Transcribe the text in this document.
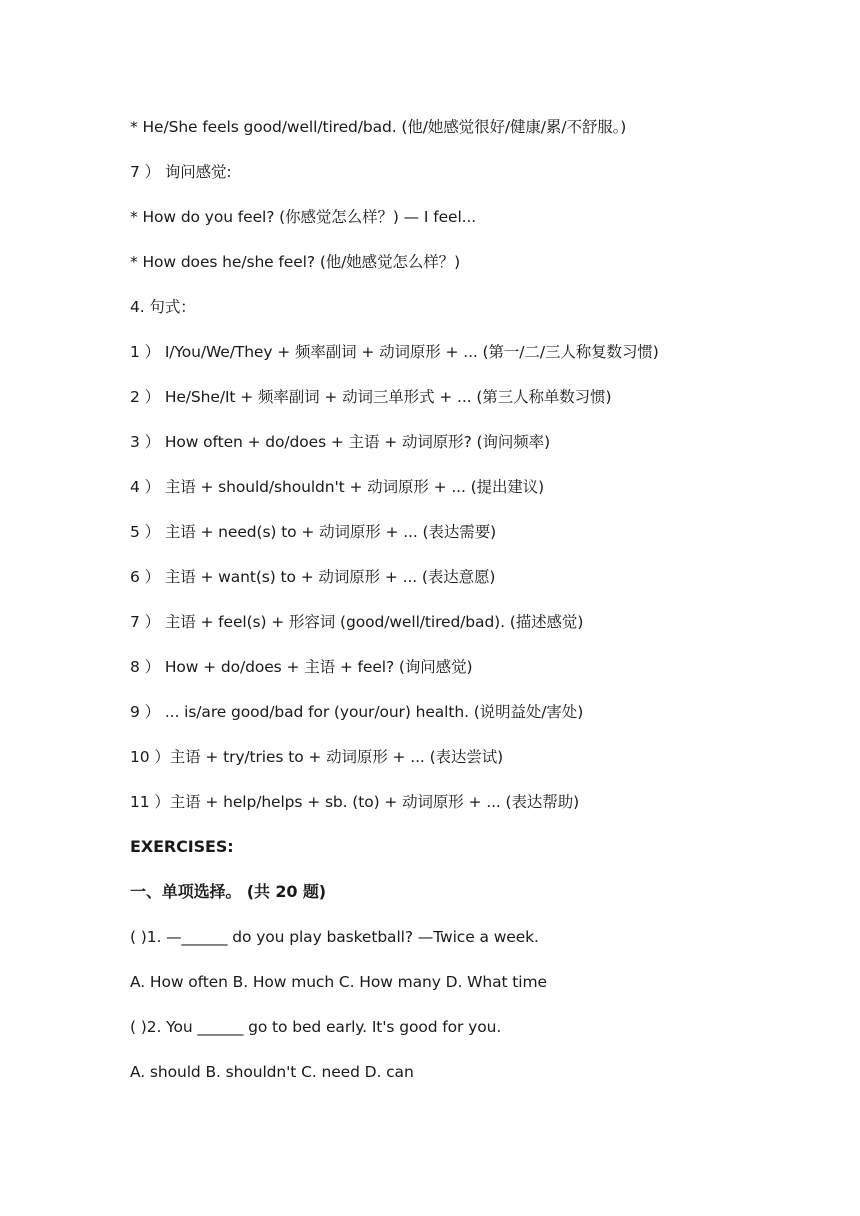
* He/She feels good/well/tired/bad. (他/她感觉很好/健康/累/不舒服。)
7 ） 询问感觉:
* How do you feel? (你感觉怎么样？) — I feel...
* How does he/she feel? (他/她感觉怎么样？)
4. 句式：
1 ） I/You/We/They + 频率副词 + 动词原形 + ... (第一/二/三人称复数习惯)
2 ） He/She/It + 频率副词 + 动词三单形式 + ... (第三人称单数习惯)
3 ） How often + do/does + 主语 + 动词原形? (询问频率)
4 ） 主语 + should/shouldn't + 动词原形 + ... (提出建议)
5 ） 主语 + need(s) to + 动词原形 + ... (表达需要)
6 ） 主语 + want(s) to + 动词原形 + ... (表达意愿)
7 ） 主语 + feel(s) + 形容词 (good/well/tired/bad). (描述感觉)
8 ） How + do/does + 主语 + feel? (询问感觉)
9 ） ... is/are good/bad for (your/our) health. (说明益处/害处)
10 ）主语 + try/tries to + 动词原形 + ... (表达尝试)
11 ）主语 + help/helps + sb. (to) + 动词原形 + ... (表达帮助)
EXERCISES:
一、单项选择。 (共 20 题)
( )1. —______ do you play basketball? —Twice a week.
A. How often B. How much C. How many D. What time
( )2. You ______ go to bed early. It's good for you.
A. should B. shouldn't C. need D. can
